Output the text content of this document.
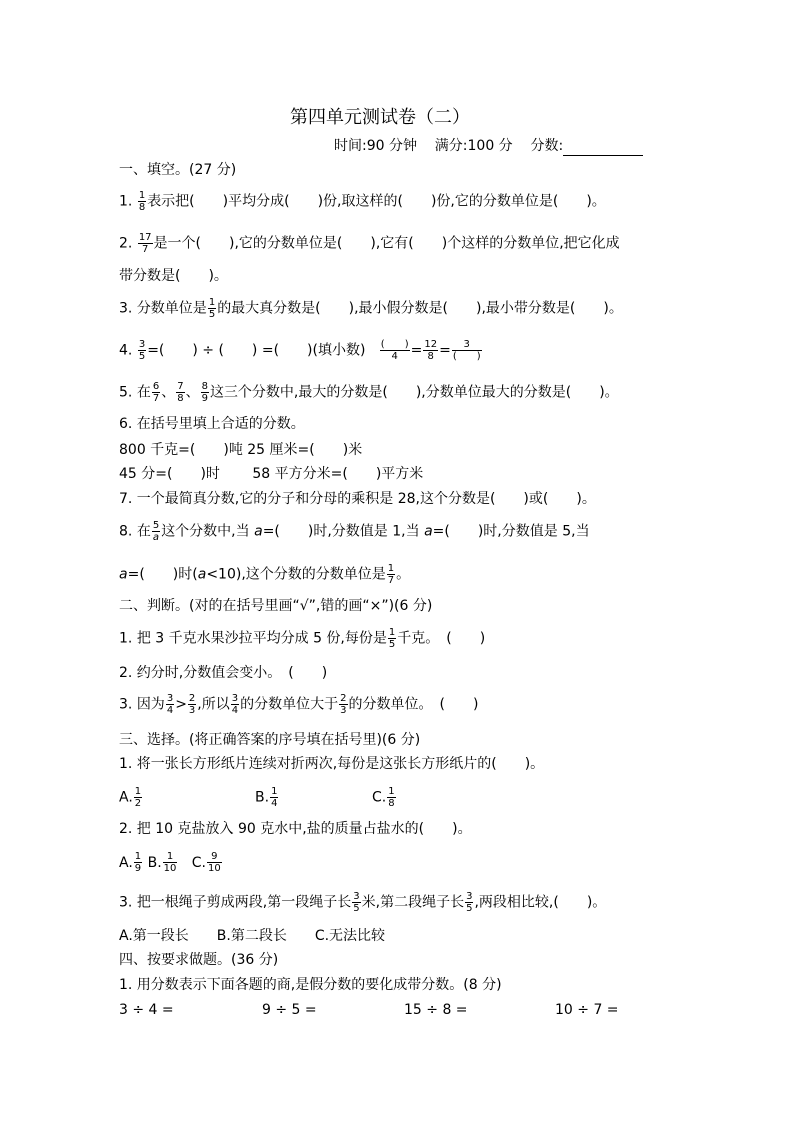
第四单元测试卷（二）
时间:90 分钟 满分:100 分 分数:
一、填空。(27 分)
1. $\frac{1}{8}$ 表示把(　　)平均分成(　　)份,取这样的(　　)份,它的分数单位是(　　)。
2. $\frac{17}{7}$ 是一个(　　),它的分数单位是(　　),它有(　　)个这样的分数单位,把它化成
带分数是(　　)。
3. 分数单位是 $\frac{1}{5}$ 的最大真分数是(　　),最小假分数是(　　),最小带分数是(　　)。
4. $\frac{3}{5}$ =(　　) ÷ (　　) =(　　)(填小数) (　　)
$4 = \frac{12}{8}$ =	3
(　　)
5. 在 $\frac{6}{7}$ 、 $\frac{7}{8}$ 、 $\frac{8}{9}$ 这三个分数中,最大的分数是(　　),分数单位最大的分数是(　　)。
6. 在括号里填上合适的分数。
800 千克=(　　)吨 25 厘米=(　　)米
45 分=(　　)时 　　58 平方分米=(　　)平方米
7. 一个最简真分数,它的分子和分母的乘积是 28,这个分数是(　　)或(　　)。
8. 在 $\frac{5}{a}$ 这个分数中,当 a=(　　)时,分数值是 1,当 a=(　　)时,分数值是 5,当
a=(　　)时(a<10),这个分数的分数单位是 $\frac{1}{7}$ 。
二、判断。(对的在括号里画“√”,错的画“×”)(6 分)
1. 把 3 千克水果沙拉平均分成 5 份,每份是 $\frac{1}{5}$ 千克。　(　　)
2. 约分时,分数值会变小。　(　　)
3. 因为 $\frac{3}{4} > \frac{2}{3}$ ,所以 $\frac{3}{4}$ 的分数单位大于 $\frac{2}{3}$ 的分数单位。　(　　)
三、选择。(将正确答案的序号填在括号里)(6 分)
1. 将一张长方形纸片连续对折两次,每份是这张长方形纸片的(　　)。
A. $\frac{1}{2}$	B. $\frac{1}{4}$	C. $\frac{1}{8}$
2. 把 10 克盐放入 90 克水中,盐的质量占盐水的(　　)。
A. $\frac{1}{9} B$. $\frac{1}{10} C$. $\frac{9}{10}$
3. 把一根绳子剪成两段,第一段绳子长 $\frac{3}{5}$ 米,第二段绳子长 $\frac{3}{5}$ ,两段相比较,(　　)。
A.第一段长　　B.第二段长　　C.无法比较
四、按要求做题。(36 分)
1. 用分数表示下面各题的商,是假分数的要化成带分数。(8 分)
3 ÷ 4 =	9 ÷ 5 =	15 ÷ 8 =	10 ÷ 7 =
